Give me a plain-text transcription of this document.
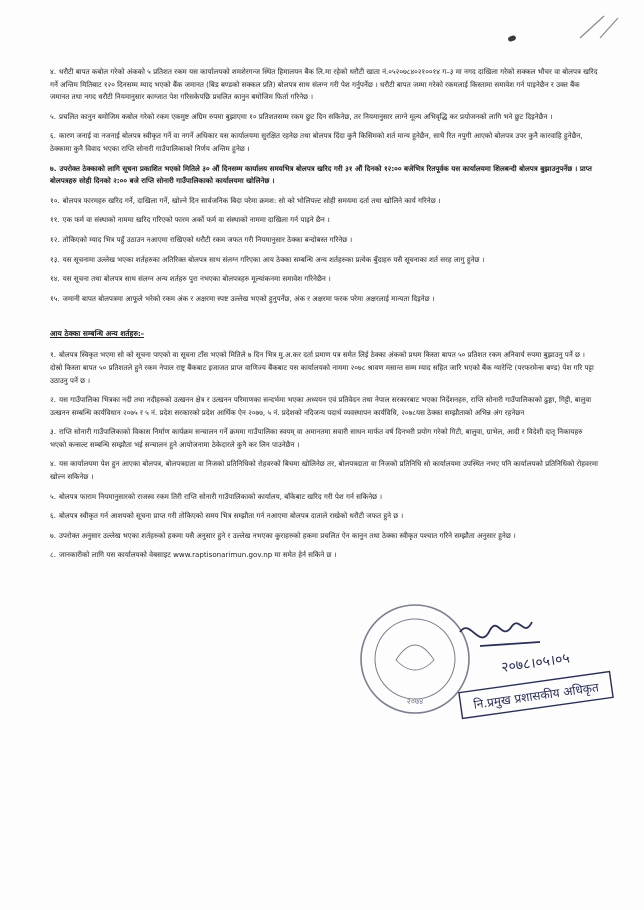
४. धरौटी बापत कबोल गरेको अंकको ५ प्रतिशत रकम यस कार्यालयको शमशेरगन्ज स्थित हिमालयन बैंक लि.मा रहेको धरौटी खाता नं.०५२०७८४०२१००१४ ग–३ मा नगद दाखिला गरेको सक्कल भौचर वा बोलपत्र खरिद गर्ने अन्तिम मितिबाट १२० दिनसम्म म्याद भएको बैंक जमानत (बिड बण्डको सक्कल प्रति) बोलपत्र साथ संलग्न गरी पेश गर्नुपर्नेछ । धरौटी बापत जम्मा गरेको रकमलाई किस्तामा समावेश गर्न पाइनेछैन र उक्त बैंक जमानत तथा नगद धरौटी नियमानुसार काग्जात पेश गरिसकेपछि प्रचलित कानुन बमोजिम फिर्ता गरिनेछ ।

५. प्रचलित कानुन बमोजिम कबोल गरेको रकम एकमुष्ट अग्रिम रुपमा बुझाएमा १० प्रतिशतसम्म रकम छुट दिन सकिनेछ, तर नियमानुसार लाग्ने मूल्य अभिवृद्धि कर प्रयोजनको लागि भने छुट दिइनेछैन ।

६. कारण जनाई वा नजनाई बोलपत्र स्वीकृत गर्ने वा नगर्ने अधिकार यस कार्यालयमा सुरक्षित रहनेछ तथा बोलपत्र दिंदा कुनै किसिमको शर्त मान्य हुनेछैन, साथै रित नपुगी आएको बोलपत्र उपर कुनै कारवाहि हुनेछैन, ठेक्कामा कुनै विवाद भएका राप्ति सोनारी गाउँपालिकाको निर्णय अन्तिम हुनेछ ।

७. उपरोक्त ठेक्काको लागि सूचना प्रकाशित भएको मितिले ३० औं दिनसम्म कार्यालय समयभित्र बोलपत्र खरिद गरी ३१ औं दिनको १२:०० बजेभित्र रितपूर्वक यस कार्यालयमा शिलबन्दी बोलपत्र बुझाउनुपर्नेछ । प्राप्त बोलपत्रहरु सोही दिनको २:०० बजे राप्ति सोनारी गाउँपालिकाको कार्यालयमा खोलिनेछ ।

१०. बोलपत्र फारमहरु खरिद गर्ने, दाखिला गर्ने, खोल्ने दिन सार्वजनिक बिदा परेमा क्रमश: सो को भोलिपल्ट सोही समयमा दर्ता तथा खोलिने कार्य गरिनेछ ।

११. एक फर्म वा संस्थाको नाममा खरिद गरिएको फारम अर्को फर्म वा संस्थाको नाममा दाखिला गर्न पाइने छैन ।

१२. तोकिएको म्याद भित्र पहुँ उठाउन नआएमा राखिएको धरौटी रकम जफत गरी नियमानुसार ठेक्का बन्दोबस्त गरिनेछ ।

१३. यस सूचनामा उल्लेख भएका शर्तहरुका अतिरिक्त बोलपत्र साथ संलग्न गरिएका आय ठेक्का सम्बन्धि अन्य शर्तहरुका प्रत्येक बुँदाहरु यसै सूचनाका शर्त सरह लागु हुनेछ ।

१४. यस सूचना तथा बोलपत्र साथ संलग्न अन्य शर्तहरु पुरा नभएका बोलपत्रहरु मूल्यांकनमा समावेश गरिनेछैन ।

१५. जमानी बापत बोलपत्रमा आफूले भरेको रकम अंक र अक्षरमा स्पष्ट उल्लेख भएको हुनुपर्नेछ, अंक र अक्षरमा फरक परेमा अक्षरलाई मान्यता दिइनेछ ।

आय ठेक्का सम्बन्धि अन्य शर्तहरु:-

१. बोलपत्र स्विकृत भएमा सो को सूचना पाएको वा सूचना टाँस भएको मितिले ७ दिन भित्र मु.अ.कर दर्ता प्रमाण पत्र समेत लिई ठेक्का अंकको प्रथम किस्ता बापत ५० प्रतिशत रकम अनिवार्य रुपमा बुझाउनु पर्ने छ । दोस्रो किस्ता बापत ५० प्रतिशतले हुने रकम नेपाल राष्ट्र बैंकबाट इजाजत प्राप्त वाणिज्य बैंकबाट यस कार्यालयको नाममा २०७८ श्रावण मसान्त सम्म म्याद सहित जारि भएको बैंक ग्यारेन्टि (परफरमेन्स बण्ड) पेश गरि पट्टा उठाउनु पर्ने छ ।

२. यस गाउँपालिका भित्रका नदी तथा नदीहरुको उत्खनन क्षेत्र र उत्खनन परिमाणका सन्दर्भमा भएका अध्ययन एवं प्रतिवेदन तथा नेपाल सरकारबाट भएका निर्देशनहरु, राप्ति सोनारी गाउँपालिकाको ढुङ्गा, गिट्टी, बालुवा उत्खनन सम्बन्धि कार्यविधान २०७५ र ५ नं. प्रदेश सरकारको प्रदेश आर्थिक ऐन २०७७, ५ नं. प्रदेशको नदिजन्य पदार्थ व्यवस्थापन कार्यविधि, २०७८यस ठेक्का सम्झौताको अभिन्न अंग रहनेछन

३. राप्ति सोनारी गाउँपालिकाको विकास निर्माण कार्यक्रम सन्चालन गर्ने क्रममा गाउँपालिका स्वयम् वा अमानतमा सवारी साधन मार्फत वर्ष दिनभरी प्रयोग गरेको गिटी, बालुवा, ग्राभेल, आदी र विदेशी दातृ निकायहरु भएको कन्सल्ट सम्बन्धि सम्झौता भई सन्चालन हुने आयोजनामा ठेकेदारले कुनै कर लिन पाउनेछैन ।

४. यस कार्यालयमा पेश हुन आएका बोलपत्र, बोलपत्रदाता वा निजको प्रतिनिधिको रोहवरको बिचमा खोलिनेछ तर, बोलपत्रदाता वा निजको प्रतिनिधि सो कार्यालयमा उपस्थित नभए पनि कार्यालयको प्रतिनिधिको रोहवरमा खोल्न सकिनेछ ।

५. बोलपत्र फाराम नियमानुसारको राजस्व रकम तिरी राप्ति सोनारी गाउँपालिकाको कार्यालय, बाँकेबाट खरिद गरी पेश गर्न सकिनेछ ।

६. बोलपत्र स्वीकृत गर्न आशयको सूचना प्राप्त गरी तोकिएको समय भित्र सम्झौता गर्न नआएमा बोलपत्र दाताले राखेको धरौटी जफत हुने छ ।

७. उपरोक्त अनुसार उल्लेख भएका शर्तहरुको हकमा यसै अनुसार हुने र उल्लेख नभएका कुराहरुको हकमा प्रचलित ऐन कानुन तथा ठेक्का स्वीकृत पश्चात गरिने सम्झौता अनुसार हुनेछ ।

८. जानकारीको लागि यस कार्यालयको वेबसाइट www.raptisonarimun.gov.np मा समेत हेर्न सकिने छ ।

२०७४
२०७८।०५।०५
नि.प्रमुख प्रशासकीय अधिकृत
